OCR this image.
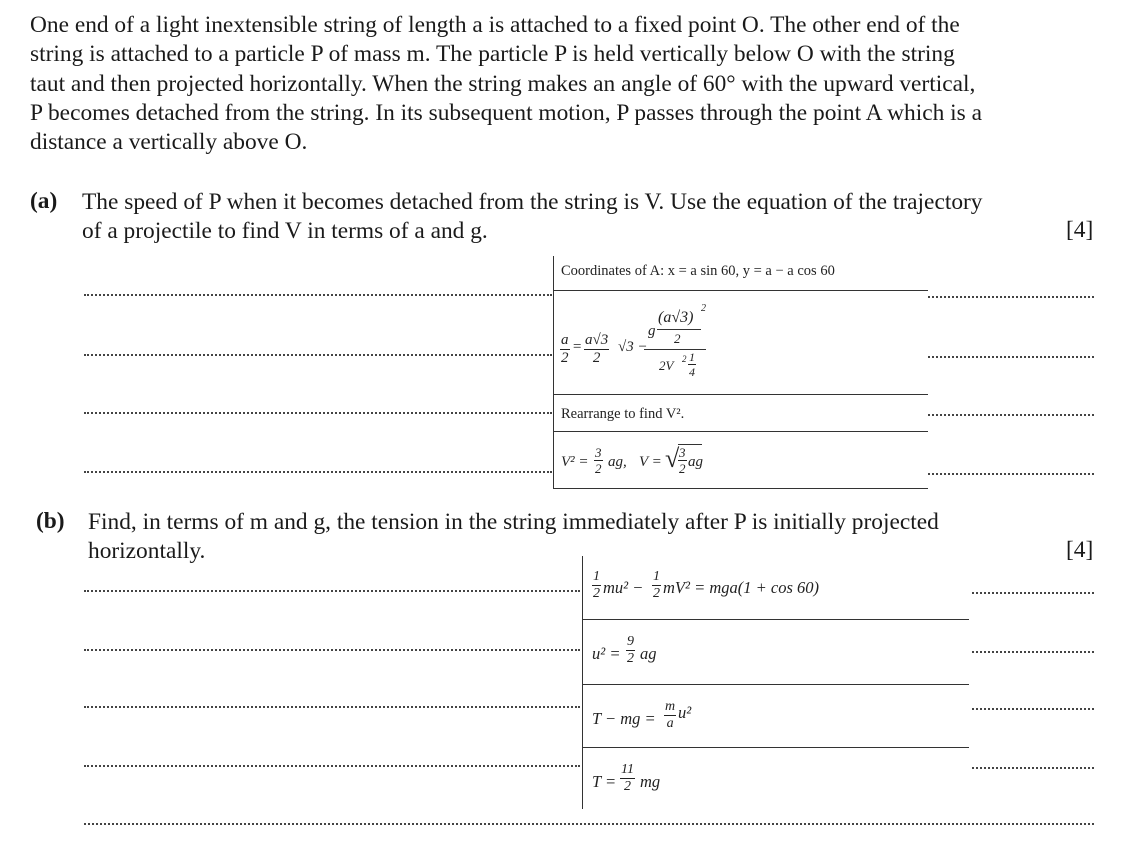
One end of a light inextensible string of length a is attached to a fixed point O. The other end of the
string is attached to a particle P of mass m. The particle P is held vertically below O with the string
taut and then projected horizontally. When the string makes an angle of 60° with the upward vertical,
P becomes detached from the string. In its subsequent motion, P passes through the point A which is a
distance a vertically above O.
(a) The speed of P when it becomes detached from the string is V. Use the equation of the trajectory
of a projectile to find V in terms of a and g.	[4]
Coordinates of A: x = a sin 60, y = a − a cos 60
$\frac{a}{2} = \frac{a√3}{2} √3$ −
g
(a√3)
2
2
2V $2 \frac{1}{4}$
Rearrange to find V².
$V^2 = \frac{3}{2}$ ag, V = √
$\frac{3}{2}$ ag
(b) Find, in terms of m and g, the tension in the string immediately after P is initially projected
horizontally.	[4]
$\frac{1}{2} mu^2 - \frac{1}{2} mV^2 = mga(1 + \cos 60)$
$u^2 = \frac{9}{2}$ ag
T − mg = $\frac{m}{a} u^2$
$T = \frac{11}{2}$ mg
